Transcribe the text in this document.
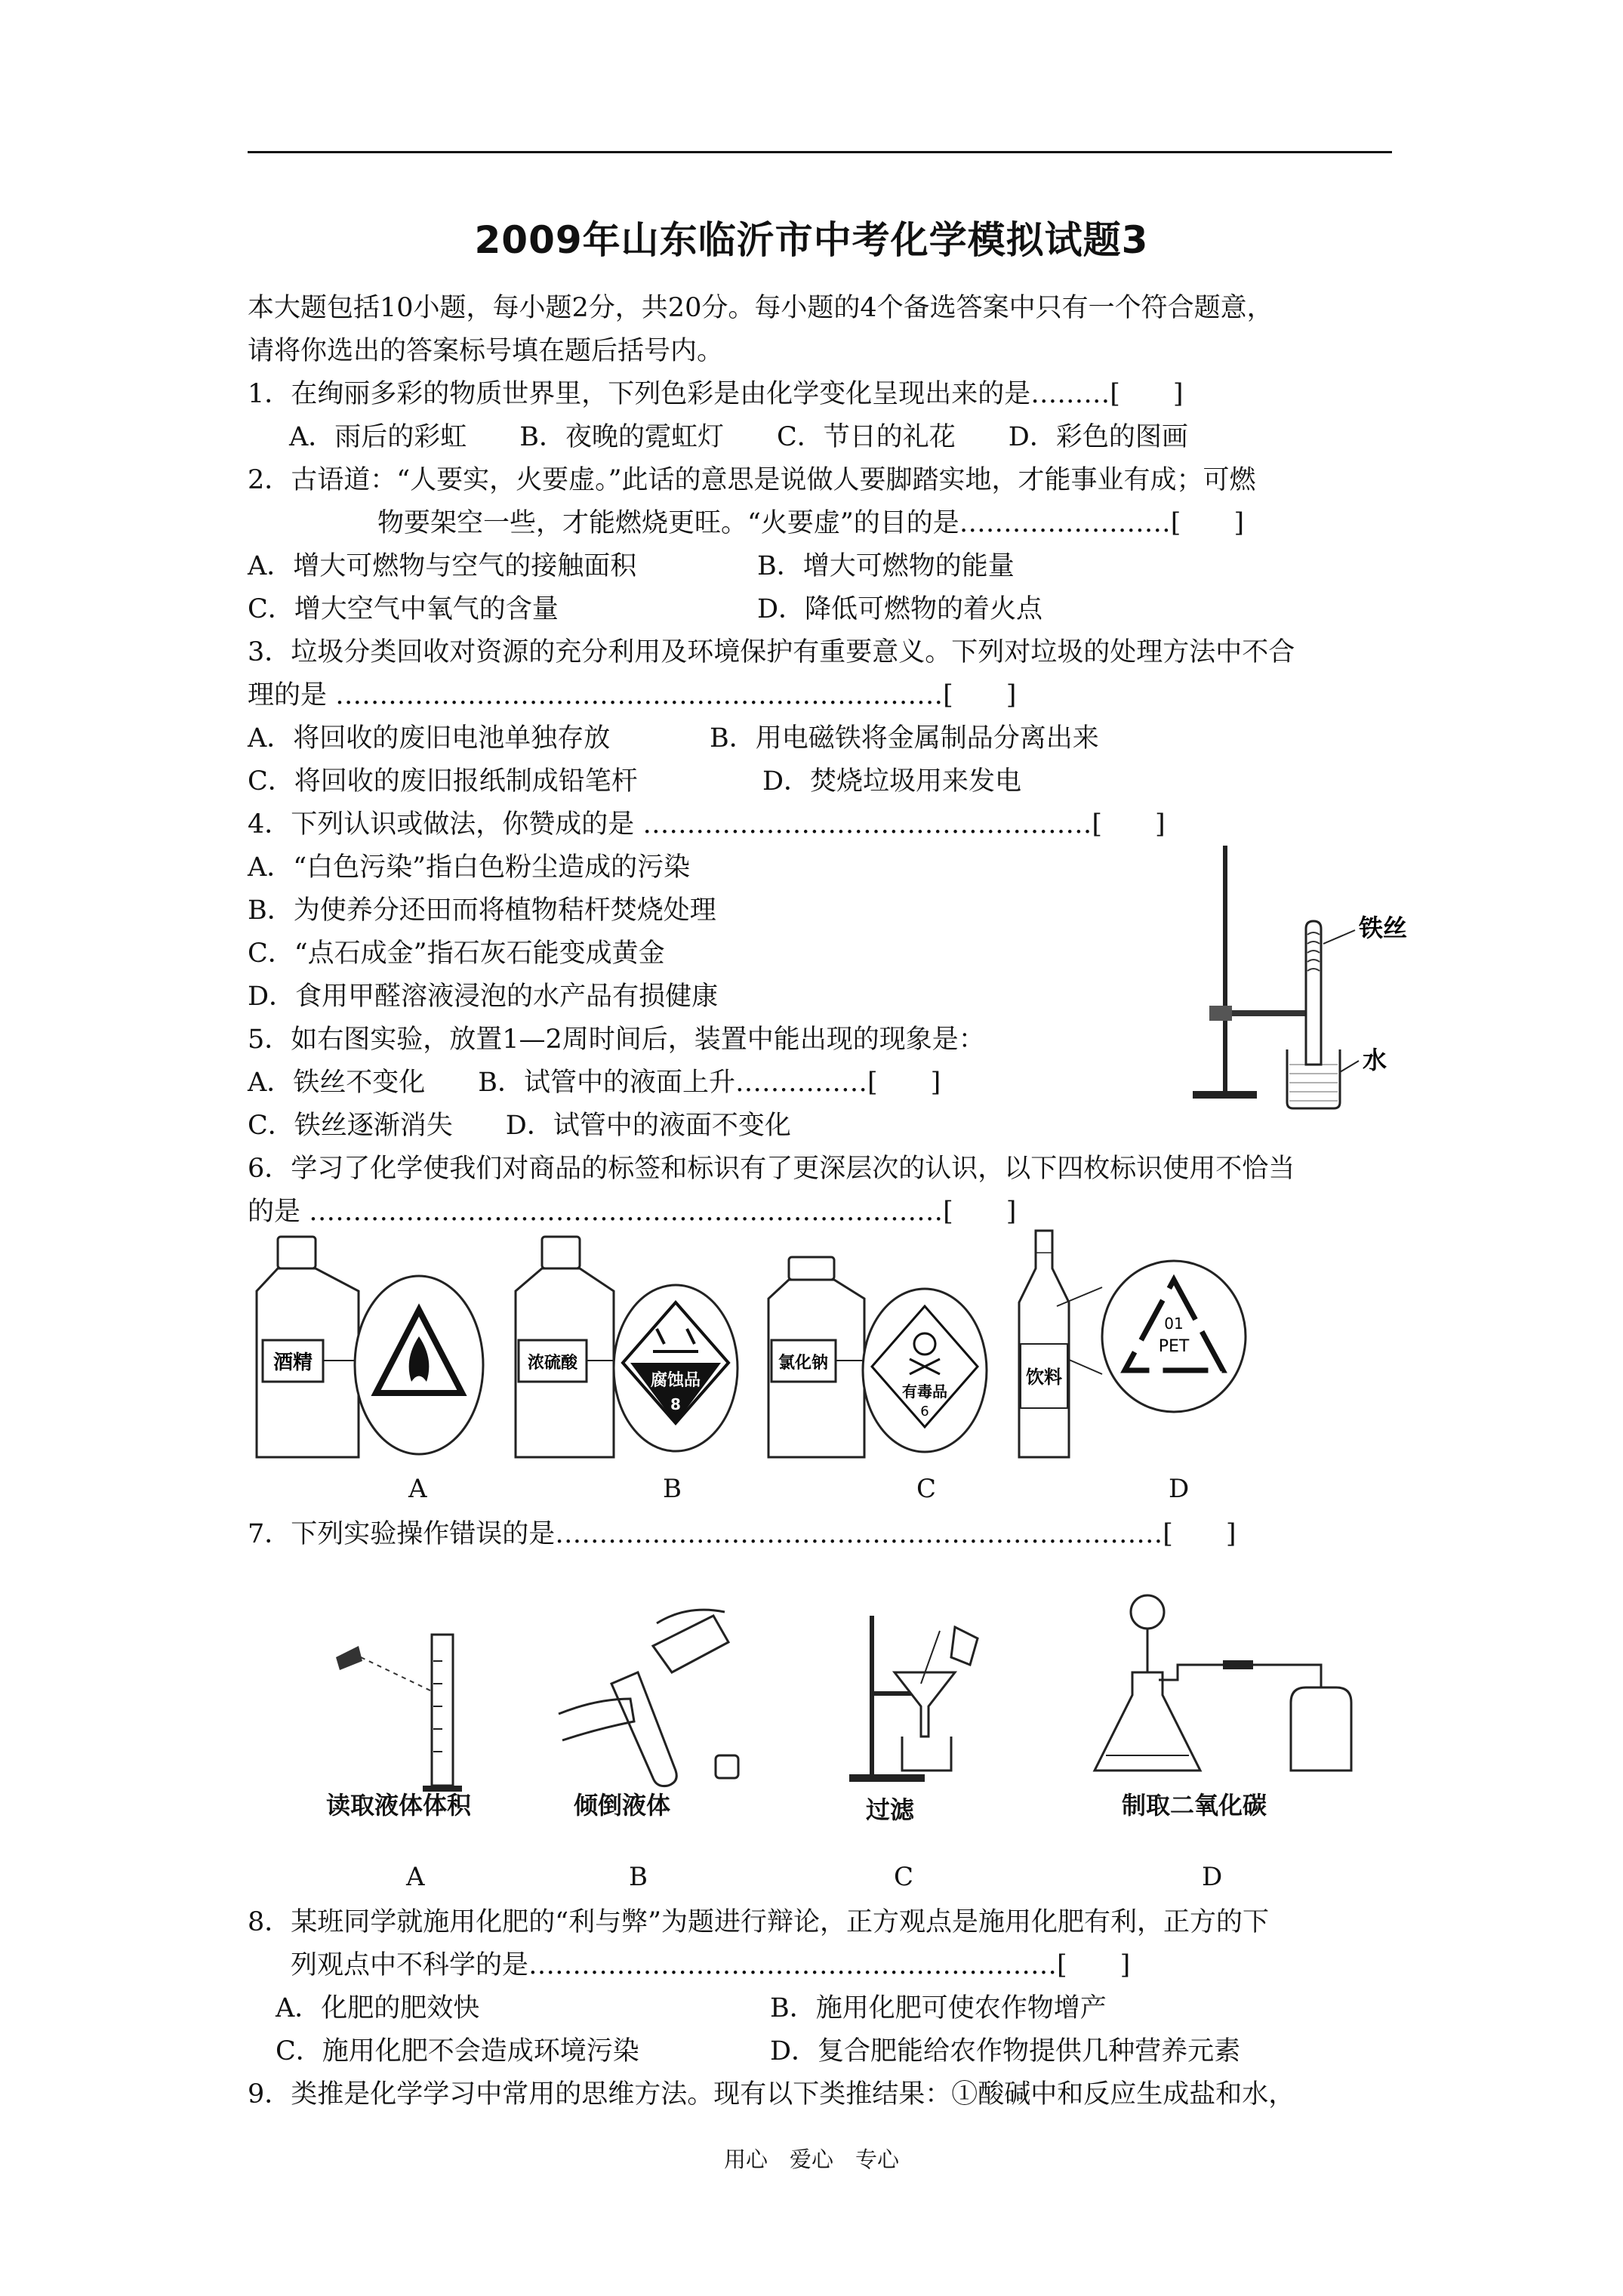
2009年山东临沂市中考化学模拟试题3
本大题包括10小题，每小题2分，共20分。每小题的4个备选答案中只有一个符合题意，
请将你选出的答案标号填在题后括号内。
1．在绚丽多彩的物质世界里，下列色彩是由化学变化呈现出来的是………[　　]
A．雨后的彩虹　　B．夜晚的霓虹灯　　C．节日的礼花　　D．彩色的图画
2．古语道：“人要实，火要虚。”此话的意思是说做人要脚踏实地，才能事业有成；可燃
物要架空一些，才能燃烧更旺。“火要虚”的目的是……………………[　　]
A．增大可燃物与空气的接触面积	B．增大可燃物的能量
C．增大空气中氧气的含量	D．降低可燃物的着火点
3．垃圾分类回收对资源的充分利用及环境保护有重要意义。下列对垃圾的处理方法中不合
理的是 ……………………………………………………………[　　]
A．将回收的废旧电池单独存放	B．用电磁铁将金属制品分离出来
C．将回收的废旧报纸制成铅笔杆	D．焚烧垃圾用来发电
4．下列认识或做法，你赞成的是 ……………………………………………[　　]
A．“白色污染”指白色粉尘造成的污染
B．为使养分还田而将植物秸杆焚烧处理
C．“点石成金”指石灰石能变成黄金
D．食用甲醛溶液浸泡的水产品有损健康
5．如右图实验，放置1—2周时间后，装置中能出现的现象是：
A．铁丝不变化　　B．试管中的液面上升……………[　　]
C．铁丝逐渐消失　　D．试管中的液面不变化
铁丝
水
6．学习了化学使我们对商品的标签和标识有了更深层次的认识，以下四枚标识使用不恰当
的是 ………………………………………………………………[　　]
酒精	浓硫酸
腐蚀品
8
氯化钠
有毒品
6
饮料
01
PET
A	B	C	D
7．下列实验操作错误的是……………………………………………………………[　　]
读取液体体积	倾倒液体	过滤	制取二氧化碳
A	B	C	D
8．某班同学就施用化肥的“利与弊”为题进行辩论，正方观点是施用化肥有利，正方的下
列观点中不科学的是……………………………………………………[　　]
A．化肥的肥效快	B．施用化肥可使农作物增产
C．施用化肥不会造成环境污染	D．复合肥能给农作物提供几种营养元素
9．类推是化学学习中常用的思维方法。现有以下类推结果：①酸碱中和反应生成盐和水，
用心　爱心　专心
